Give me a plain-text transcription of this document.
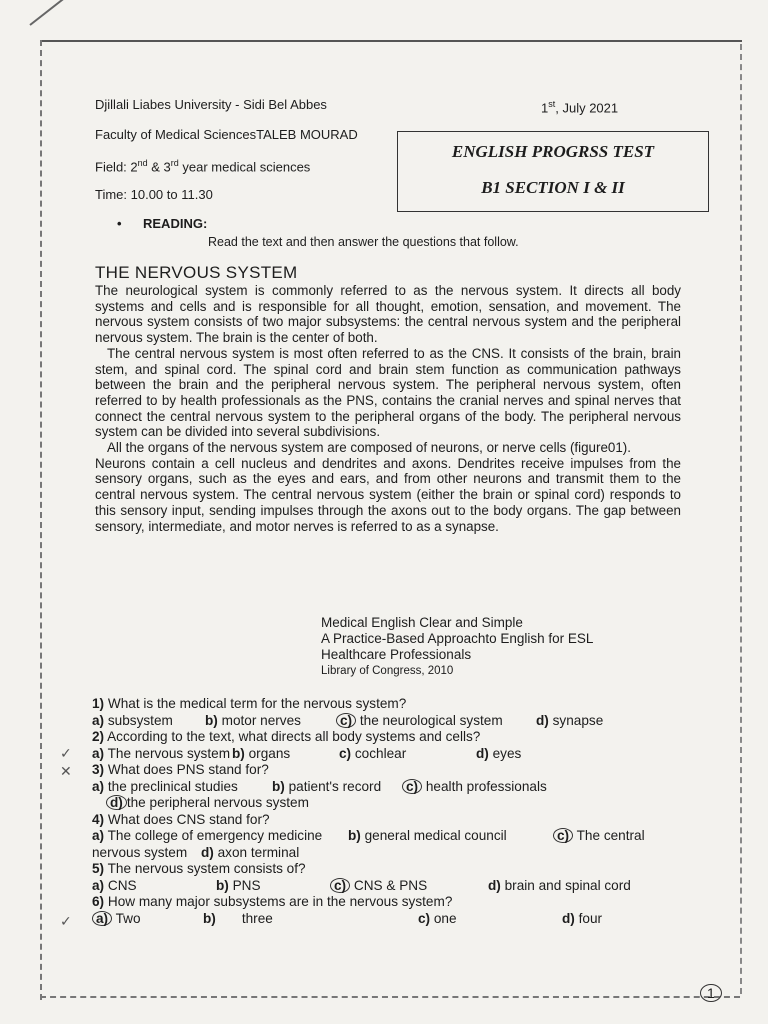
Djillali Liabes University - Sidi Bel Abbes	1st, July 2021
Faculty of Medical SciencesTALEB MOURAD
Field: 2nd & 3rd year medical sciences
Time: 10.00 to 11.30
ENGLISH PROGRSS TEST
B1 SECTION I & II
• READING:
Read the text and then answer the questions that follow.
THE NERVOUS SYSTEM

The neurological system is commonly referred to as the nervous system. It directs all body systems and cells and is responsible for all thought, emotion, sensation, and movement. The nervous system consists of two major subsystems: the central nervous system and the peripheral nervous system. The brain is the center of both.

The central nervous system is most often referred to as the CNS. It consists of the brain, brain stem, and spinal cord. The spinal cord and brain stem function as communication pathways between the brain and the peripheral nervous system. The peripheral nervous system, often referred to by health professionals as the PNS, contains the cranial nerves and spinal nerves that connect the central nervous system to the peripheral organs of the body. The peripheral nervous system can be divided into several subdivisions.

All the organs of the nervous system are composed of neurons, or nerve cells (figure01).

Neurons contain a cell nucleus and dendrites and axons. Dendrites receive impulses from the sensory organs, such as the eyes and ears, and from other neurons and transmit them to the central nervous system. The central nervous system (either the brain or spinal cord) responds to this sensory input, sending impulses through the axons out to the body organs. The gap between sensory, intermediate, and motor nerves is referred to as a synapse.

Medical English Clear and Simple
A Practice-Based Approachto English for ESL
Healthcare Professionals
Library of Congress, 2010
1) What is the medical term for the nervous system?
a) subsystem b) motor nerves	c) the neurological system d) synapse
2) According to the text, what directs all body systems and cells?
a) The nervous system b) organs	c) cochlear	d) eyes
3) What does PNS stand for?
a) the preclinical studies	b) patient's record c) health professionals
d) the peripheral nervous system
4) What does CNS stand for?
a) The college of emergency medicine b) general medical council	c) The central
nervous system d) axon terminal
5) The nervous system consists of?
a) CNS	b) PNS	c) CNS & PNS	d) brain and spinal cord
6) How many major subsystems are in the nervous system?
a) Two	b) three	c) one	d) four
✓
✕
✓
1
